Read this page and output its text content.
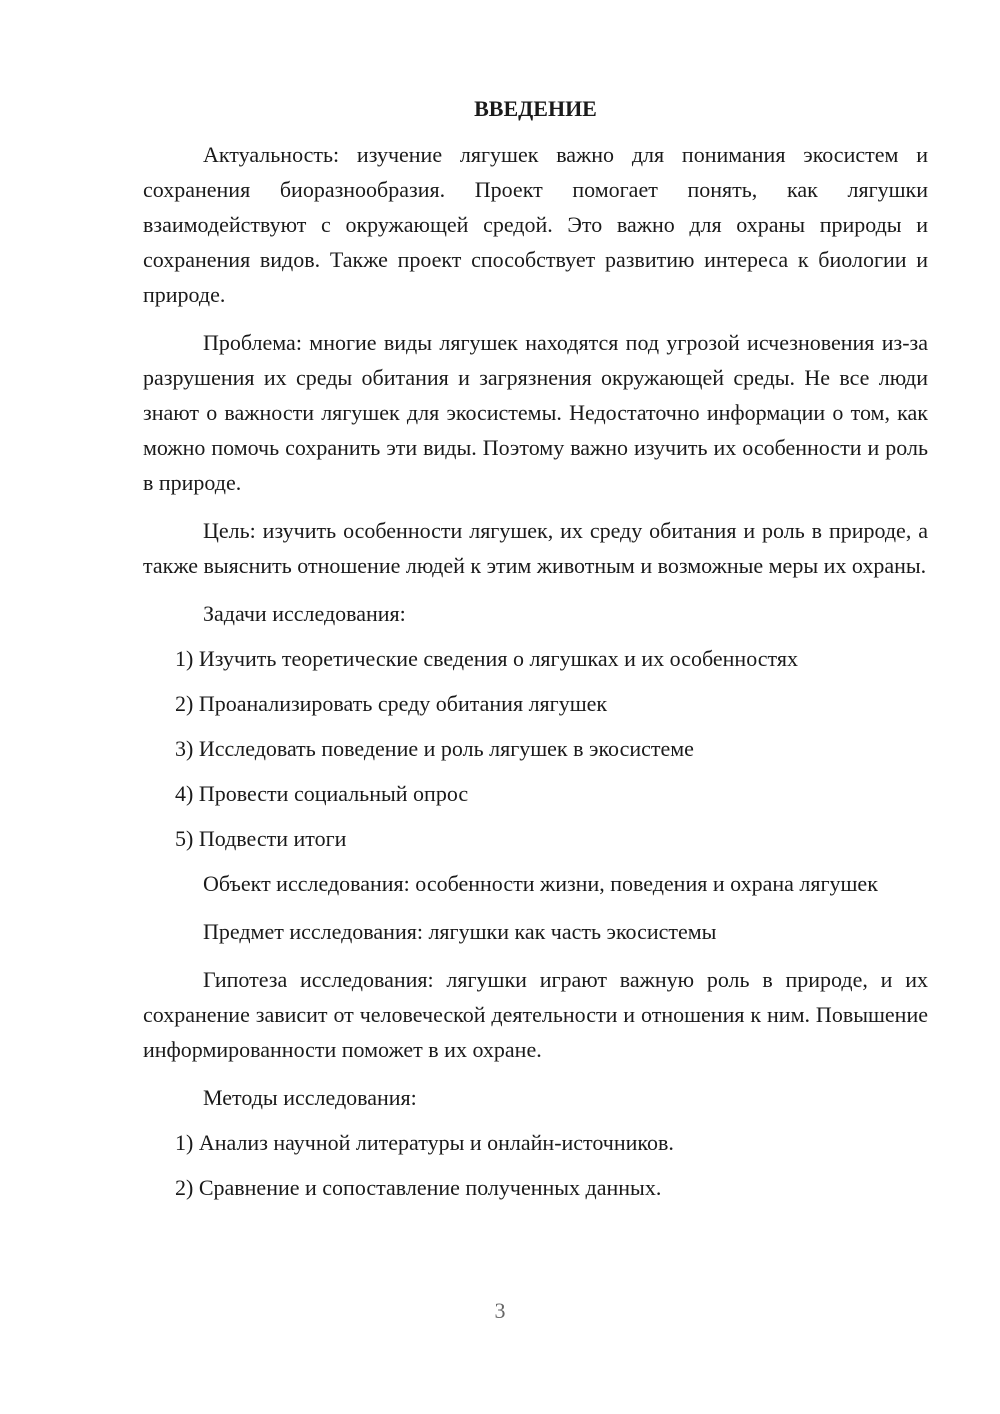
ВВЕДЕНИЕ

Актуальность: изучение лягушек важно для понимания экосистем и сохранения биоразнообразия. Проект помогает понять, как лягушки взаимодействуют с окружающей средой. Это важно для охраны природы и сохранения видов. Также проект способствует развитию интереса к биологии и природе.

Проблема: многие виды лягушек находятся под угрозой исчезновения из-за разрушения их среды обитания и загрязнения окружающей среды. Не все люди знают о важности лягушек для экосистемы. Недостаточно информации о том, как можно помочь сохранить эти виды. Поэтому важно изучить их особенности и роль в природе.

Цель: изучить особенности лягушек, их среду обитания и роль в природе, а также выяснить отношение людей к этим животным и возможные меры их охраны.

Задачи исследования:
1) Изучить теоретические сведения о лягушках и их особенностях
2) Проанализировать среду обитания лягушек
3) Исследовать поведение и роль лягушек в экосистеме
4) Провести социальный опрос
5) Подвести итоги

Объект исследования: особенности жизни, поведения и охрана лягушек

Предмет исследования: лягушки как часть экосистемы

Гипотеза исследования: лягушки играют важную роль в природе, и их сохранение зависит от человеческой деятельности и отношения к ним. Повышение информированности поможет в их охране.

Методы исследования:
1) Анализ научной литературы и онлайн-источников.
2) Сравнение и сопоставление полученных данных.
3
